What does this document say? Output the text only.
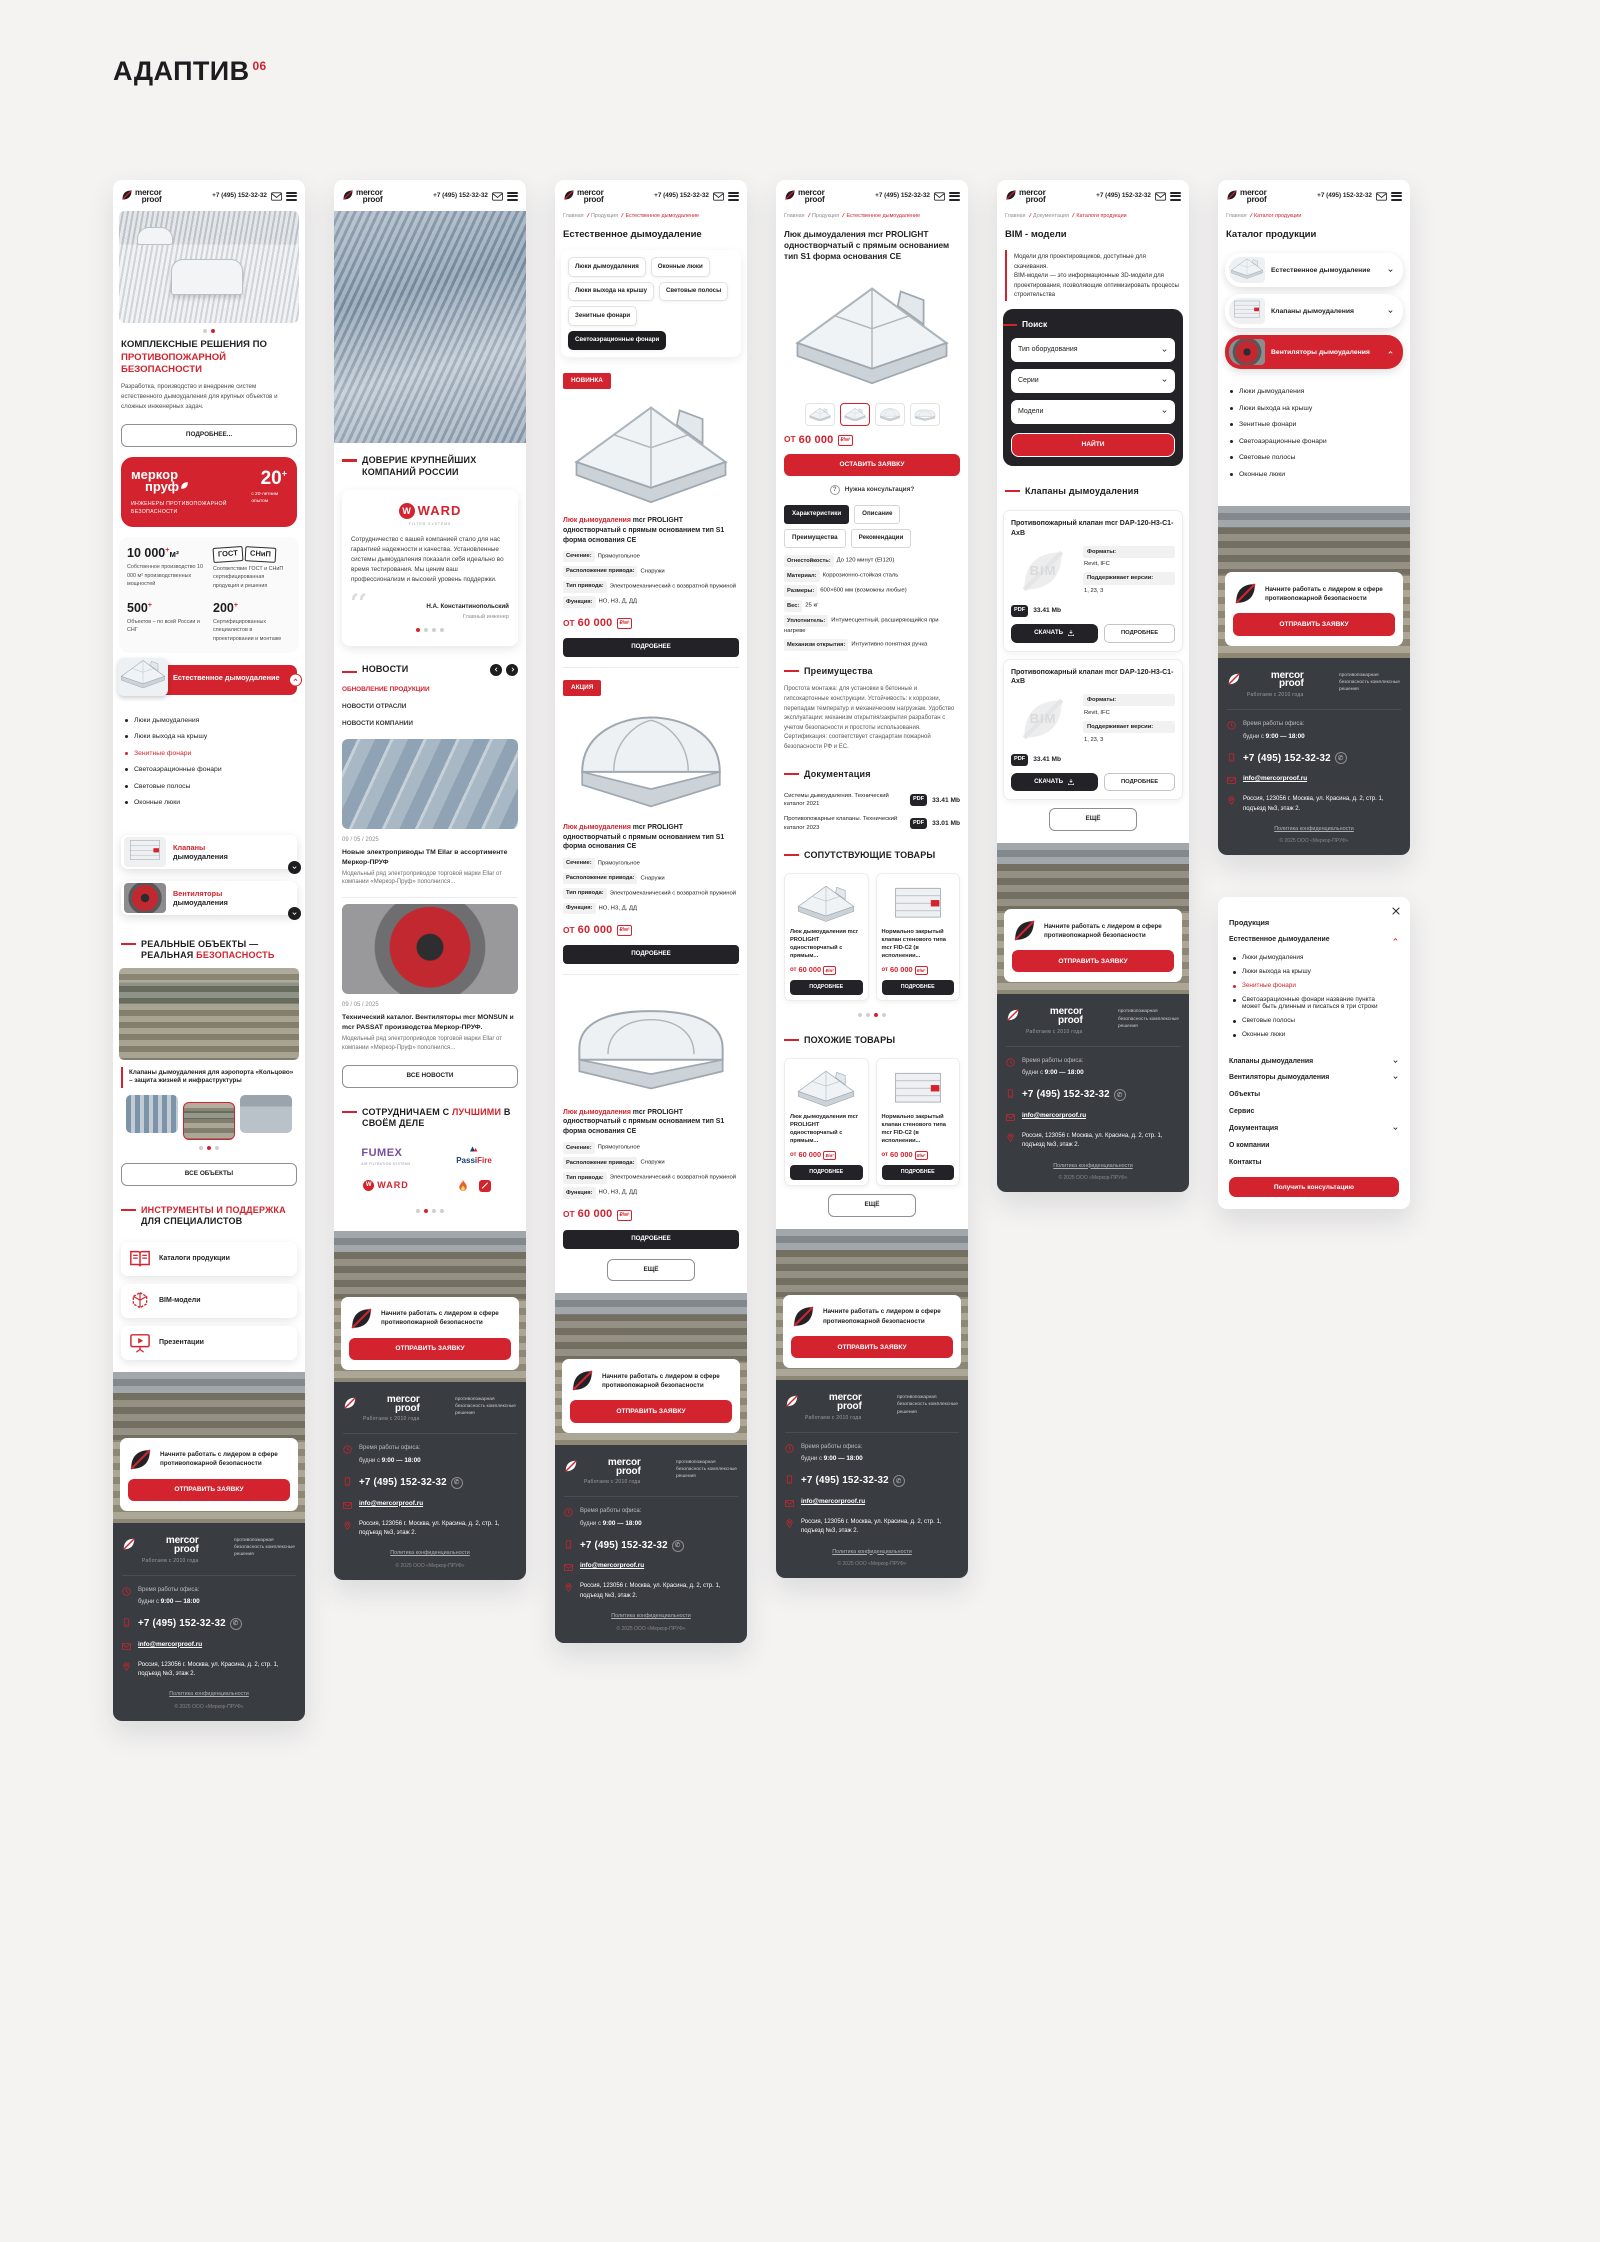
АДАПТИВ $^{06}$
mercor
proof	+7 (495) 152-32-32
КОМПЛЕКСНЫЕ РЕШЕНИЯ ПО ПРОТИВОПОЖАРНОЙ БЕЗОПАСНОСТИ

Разработка, производство и внедрение систем естественного дымоудаления для крупных объектов и сложных инженерных задач.

ПОДРОБНЕЕ...
меркор
пруф
ИНЖЕНЕРЫ ПРОТИВОПОЖАРНОЙ БЕЗОПАСНОСТИ
20+
с 20-летним опытом
10 000+м²

Собственное производство 10 000 м² производственных мощностей

ГОСТ СНиП

Соответствие ГОСТ и СНиП сертифицированная продукция и решения

500+

Объектов – по всей России и СНГ

200+

Сертифицированных специалистов в проектировании и монтаже

Естественное дымоудаление
Люки дымоудаления
Люки выхода на крышу
Зенитные фонари
Светоаэрационные фонари
Световые полосы
Оконные люки
Клапаны
дымоудаления
Вентиляторы
дымоудаления
РЕАЛЬНЫЕ ОБЪЕКТЫ — РЕАЛЬНАЯ БЕЗОПАСНОСТЬ
Клапаны дымоудаления для аэропорта «Кольцово» – защита жизней и инфраструктуры
ВСЕ ОБЪЕКТЫ
ИНСТРУМЕНТЫ И ПОДДЕРЖКА ДЛЯ СПЕЦИАЛИСТОВ
Каталоги продукции
BIM-модели
Презентации
Начните работать с лидером в сфере противопожарной безопасности
ОТПРАВИТЬ ЗАЯВКУ
mercor
proof
Работаем с 2010 года
противопожарная безопасность комплексные решения
Время работы офиса:
будни с 9:00 — 18:00
+7 (495) 152-32-32	✆
info@mercorproof.ru
Россия, 123056 г. Москва, ул. Красина, д. 2, стр. 1, подъезд №3, этаж 2.
Политика конфиденциальности
© 2025 ООО «Меркор-ПРУФ»
mercor
proof	+7 (495) 152-32-32
ДОВЕРИЕ КРУПНЕЙШИХ КОМПАНИЙ РОССИИ
W WARD
FILTER SYSTEMS

Сотрудничество с вашей компанией стало для нас гарантией надежности и качества. Установленные системы дымоудаления показали себя идеально во время тестирования. Мы ценим ваш профессионализм и высокий уровень поддержки.

Н.А. Константинопольский
Главный инженер
НОВОСТИ
ОБНОВЛЕНИЕ ПРОДУКЦИИ
НОВОСТИ ОТРАСЛИ
НОВОСТИ КОМПАНИИ
09 / 05 / 2025
Новые электроприводы TM Ellar в ассортименте Меркор-ПРУФ
Модельный ряд электроприводов торговой марки Ellar от компании «Меркор-Пруф» пополнился...
09 / 05 / 2025
Технический каталог. Вентиляторы mcr MONSUN и mcr PASSAT производства Меркор-ПРУФ.
Модельный ряд электроприводов торговой марки Ellar от компании «Меркор-Пруф» пополнился...
ВСЕ НОВОСТИ
СОТРУДНИЧАЕМ С ЛУЧШИМИ В СВОЁМ ДЕЛЕ
FUMEX
AIR FILTRATION SYSTEMS	PassiFire
W WARD
Начните работать с лидером в сфере противопожарной безопасности
ОТПРАВИТЬ ЗАЯВКУ
mercor
proof
Работаем с 2010 года
противопожарная безопасность комплексные решения
Время работы офиса:
будни с 9:00 — 18:00
+7 (495) 152-32-32	✆
info@mercorproof.ru
Россия, 123056 г. Москва, ул. Красина, д. 2, стр. 1, подъезд №3, этаж 2.
Политика конфиденциальности
© 2025 ООО «Меркор-ПРУФ»
mercor
proof	+7 (495) 152-32-32
Главная / Продукция / Естественное дымоудаление
Естественное дымоудаление
Люки дымоудаления	Оконные люки
Люки выхода на крышу	Световые полосы
Зенитные фонари
Светоаэрационные фонари
НОВИНКА
Люк дымоудаления mcr PROLIGHT одностворчатый с прямым основанием тип S1 форма основания СЕ
Сечение: Прямоугольное
Расположение привода: Снаружи
Тип привода: Электромеханический с возвратной пружиной
Функция: НО, НЗ, Д, ДД
ОТ 60 000	₽/м²
ПОДРОБНЕЕ
АКЦИЯ
Люк дымоудаления mcr PROLIGHT одностворчатый с прямым основанием тип S1 форма основания СЕ
Сечение: Прямоугольное
Расположение привода: Снаружи
Тип привода: Электромеханический с возвратной пружиной
Функция: НО, НЗ, Д, ДД
ОТ 60 000	₽/м²
ПОДРОБНЕЕ
Люк дымоудаления mcr PROLIGHT одностворчатый с прямым основанием тип S1 форма основания СЕ
Сечение: Прямоугольное
Расположение привода: Снаружи
Тип привода: Электромеханический с возвратной пружиной
Функция: НО, НЗ, Д, ДД
ОТ 60 000	₽/м²
ПОДРОБНЕЕ
ЕЩЁ
Начните работать с лидером в сфере противопожарной безопасности
ОТПРАВИТЬ ЗАЯВКУ
mercor
proof
Работаем с 2010 года
противопожарная безопасность комплексные решения
Время работы офиса:
будни с 9:00 — 18:00
+7 (495) 152-32-32	✆
info@mercorproof.ru
Россия, 123056 г. Москва, ул. Красина, д. 2, стр. 1, подъезд №3, этаж 2.
Политика конфиденциальности
© 2025 ООО «Меркор-ПРУФ»
mercor
proof	+7 (495) 152-32-32
Главная / Продукция / Естественное дымоудаление
Люк дымоудаления mcr PROLIGHT одностворчатый с прямым основанием тип S1 форма основания СЕ
ОТ 60 000	₽/м²
ОСТАВИТЬ ЗАЯВКУ
?	Нужна консультация?
Характеристики	Описание
Преимущества	Рекомендации
Огнестойкость: До 120 минут (EI120)
Материал: Коррозионно-стойкая сталь
Размеры: 600×600 мм (возможны любые)
Вес: 25 кг
Уплотнитель: Интумесцентный, расширяющийся при нагреве
Механизм открытия: Интуитивно понятная ручка
Преимущества

Простота монтажа: для установки в бетонные и гипсокартонные конструкции. Устойчивость: к коррозии, перепадам температур и механическим нагрузкам. Удобство эксплуатации: механизм открытия/закрытия разработан с учетом безопасности и простоты использования. Сертификация: соответствует стандартам пожарной безопасности РФ и ЕС.

Документация
Системы дымоудаления. Технический каталог 2021
PDF	33.41 Mb
Противопожарные клапаны. Технический каталог 2023
PDF	33.01 Mb
СОПУТСТВУЮЩИЕ ТОВАРЫ
Люк дымоудаления mcr PROLIGHT одностворчатый с прямым...
от 60 000	₽/м²
ПОДРОБНЕЕ
Нормально закрытый клапан стенового типа mcr FID-C2 (в исполнении...
от 60 000	₽/м²
ПОДРОБНЕЕ
ПОХОЖИЕ ТОВАРЫ
Люк дымоудаления mcr PROLIGHT одностворчатый с прямым...
от 60 000	₽/м²
ПОДРОБНЕЕ
Нормально закрытый клапан стенового типа mcr FID-C2 (в исполнении...
от 60 000	₽/м²
ПОДРОБНЕЕ
ЕЩЁ
Начните работать с лидером в сфере противопожарной безопасности
ОТПРАВИТЬ ЗАЯВКУ
mercor
proof
Работаем с 2010 года
противопожарная безопасность комплексные решения
Время работы офиса:
будни с 9:00 — 18:00
+7 (495) 152-32-32	✆
info@mercorproof.ru
Россия, 123056 г. Москва, ул. Красина, д. 2, стр. 1, подъезд №3, этаж 2.
Политика конфиденциальности
© 2025 ООО «Меркор-ПРУФ»
mercor
proof	+7 (495) 152-32-32
Главная / Документация / Каталоги продукции
BIM - модели
Модели для проектировщиков, доступные для скачивания.
BIM-модели — это информационные 3D-модели для проектирования, позволяющие оптимизировать процессы строительства
Поиск
Тип оборудования
Серии
Модели
НАЙТИ
Клапаны дымоудаления
Противопожарный клапан mcr DAP-120-Н3-С1-АхВ
BIM
Форматы:
Revit, IFC
Поддерживает версии:
1, 23, 3
PDF	33.41 Mb
СКАЧАТЬ	ПОДРОБНЕЕ
Противопожарный клапан mcr DAP-120-Н3-С1-АхВ
BIM
Форматы:
Revit, IFC
Поддерживает версии:
1, 23, 3
PDF	33.41 Mb
СКАЧАТЬ	ПОДРОБНЕЕ
ЕЩЁ
Начните работать с лидером в сфере противопожарной безопасности
ОТПРАВИТЬ ЗАЯВКУ
mercor
proof
Работаем с 2010 года
противопожарная безопасность комплексные решения
Время работы офиса:
будни с 9:00 — 18:00
+7 (495) 152-32-32	✆
info@mercorproof.ru
Россия, 123056 г. Москва, ул. Красина, д. 2, стр. 1, подъезд №3, этаж 2.
Политика конфиденциальности
© 2025 ООО «Меркор-ПРУФ»
mercor
proof	+7 (495) 152-32-32
Главная / Каталог продукции
Каталог продукции
Естественное дымоудаление
Клапаны дымоудаления
Вентиляторы дымоудаления
Люки дымоудаления
Люки выхода на крышу
Зенитные фонари
Светоаэрационные фонари
Световые полосы
Оконные люки
Начните работать с лидером в сфере противопожарной безопасности
ОТПРАВИТЬ ЗАЯВКУ
mercor
proof
Работаем с 2010 года
противопожарная безопасность комплексные решения
Время работы офиса:
будни с 9:00 — 18:00
+7 (495) 152-32-32	✆
info@mercorproof.ru
Россия, 123056 г. Москва, ул. Красина, д. 2, стр. 1, подъезд №3, этаж 2.
Политика конфиденциальности
© 2025 ООО «Меркор-ПРУФ»
Продукция
Естественное дымоудаление
Люки дымоудаления
Люки выхода на крышу
Зенитные фонари
Светоаэрационные фонари название пункта может быть длинным и писаться в три строки
Световые полосы
Оконные люки
Клапаны дымоудаления
Вентиляторы дымоудаления
Объекты
Сервис
Документация
О компании
Контакты
Получить консультацию
